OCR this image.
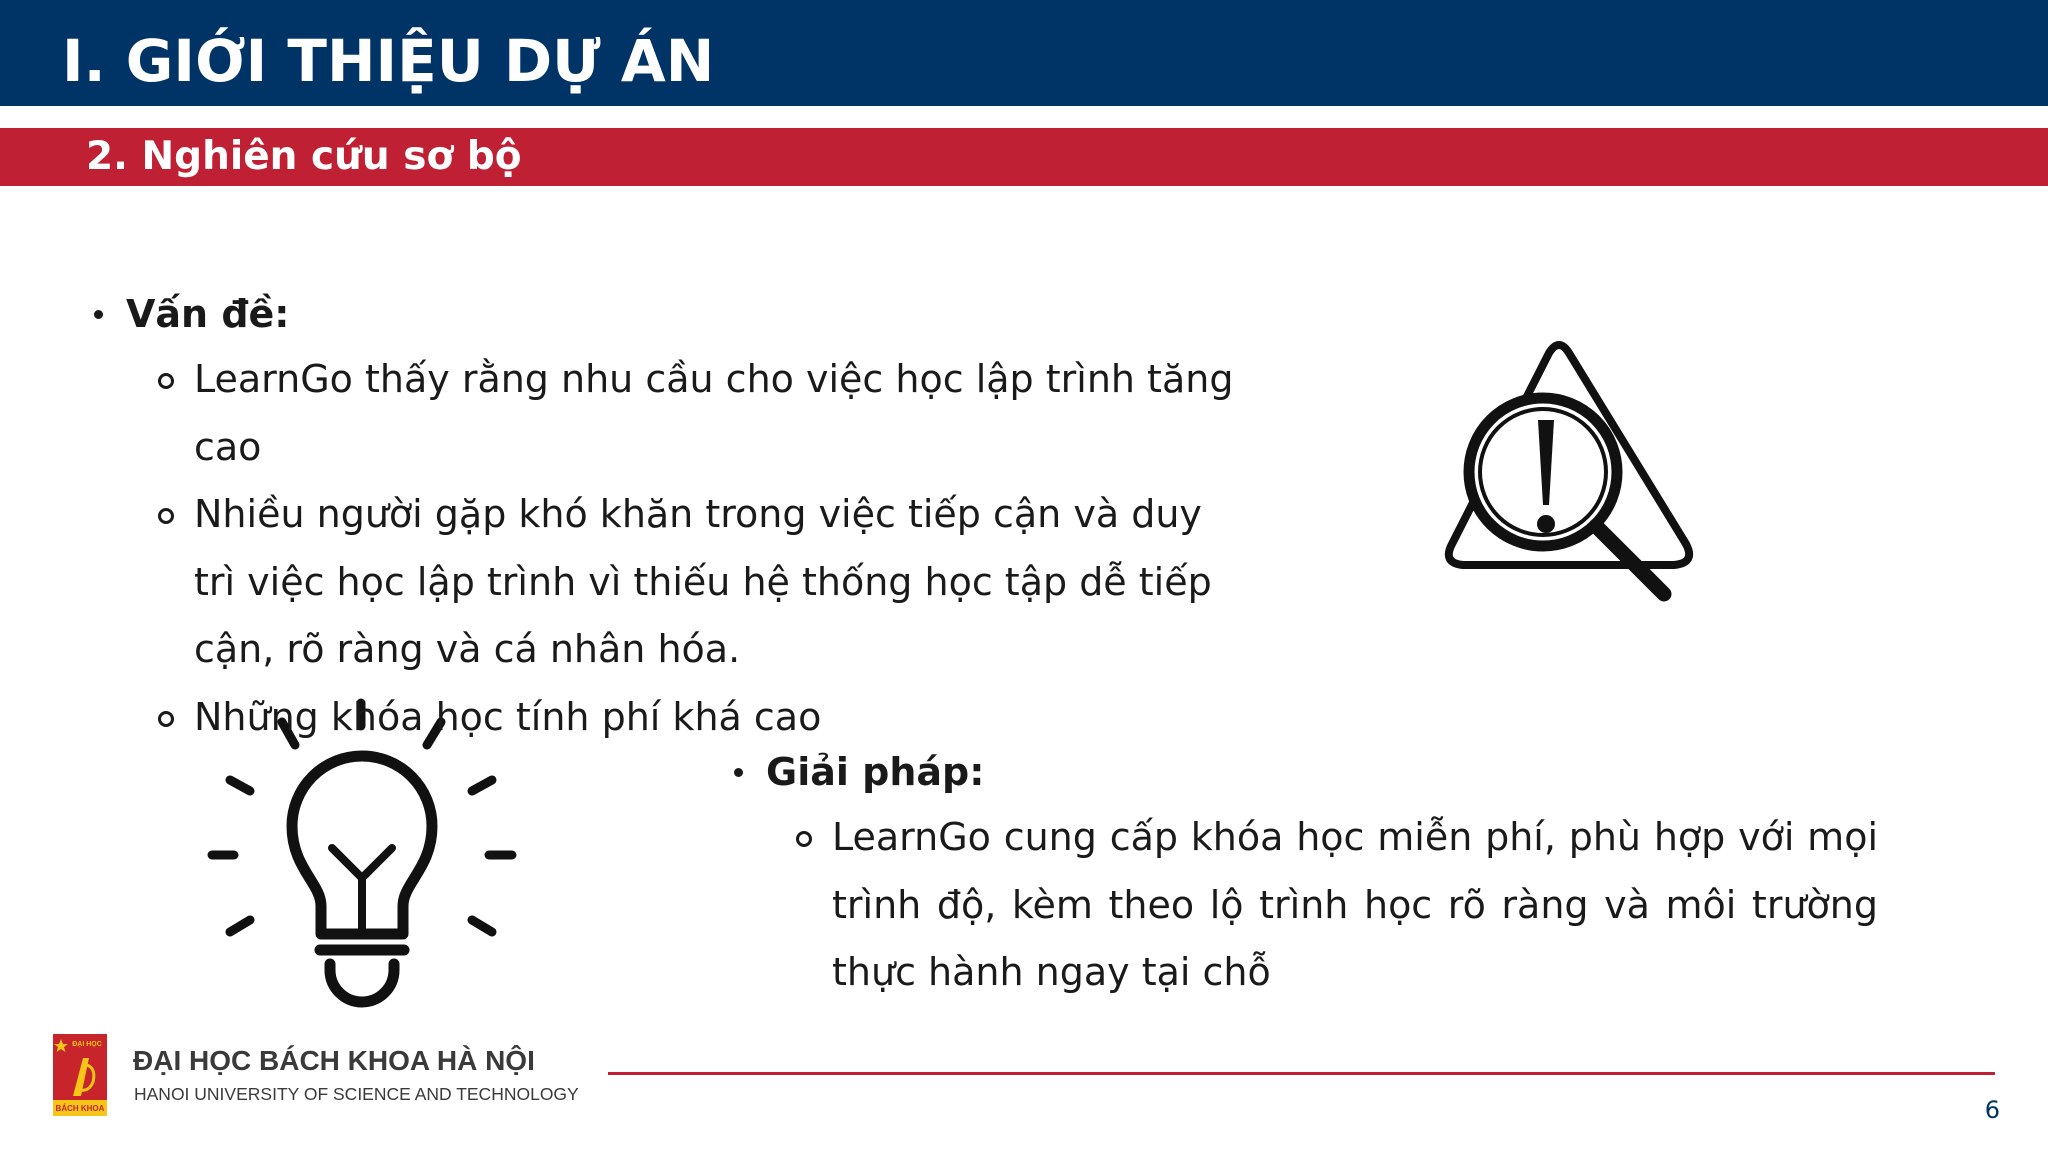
I. GIỚI THIỆU DỰ ÁN
2. Nghiên cứu sơ bộ
Vấn đề:
LearnGo thấy rằng nhu cầu cho việc học lập trình tăng cao
Nhiều người gặp khó khăn trong việc tiếp cận và duy trì việc học lập trình vì thiếu hệ thống học tập dễ tiếp cận, rõ ràng và cá nhân hóa.
Những khóa học tính phí khá cao
Giải pháp:
LearnGo cung cấp khóa học miễn phí, phù hợp với mọi trình độ, kèm theo lộ trình học rõ ràng và môi trường thực hành ngay tại chỗ
ĐẠI HỌC
BÁCH KHOA

ĐẠI HỌC BÁCH KHOA HÀ NỘI

HANOI UNIVERSITY OF SCIENCE AND TECHNOLOGY

6
